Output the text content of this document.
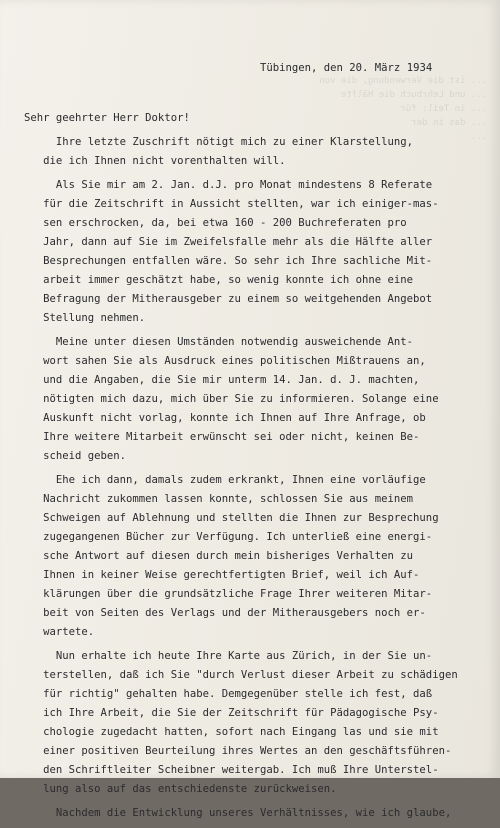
... ist die Verwendung, die von
... und Lehrbuch die Hälfte
... in Teil: für
... das in der
...
Tübingen, den 20. März 1934
Sehr geehrter Herr Doktor!
Ihre letzte Zuschrift nötigt mich zu einer Klarstellung,
die ich Ihnen nicht vorenthalten will.
Als Sie mir am 2. Jan. d.J. pro Monat mindestens 8 Referate
für die Zeitschrift in Aussicht stellten, war ich einiger-mas-
sen erschrocken, da, bei etwa 160 - 200 Buchreferaten pro
Jahr, dann auf Sie im Zweifelsfalle mehr als die Hälfte aller
Besprechungen entfallen wäre. So sehr ich Ihre sachliche Mit-
arbeit immer geschätzt habe, so wenig konnte ich ohne eine
Befragung der Mitherausgeber zu einem so weitgehenden Angebot
Stellung nehmen.
Meine unter diesen Umständen notwendig ausweichende Ant-
wort sahen Sie als Ausdruck eines politischen Mißtrauens an,
und die Angaben, die Sie mir unterm 14. Jan. d. J. machten,
nötigten mich dazu, mich über Sie zu informieren. Solange eine
Auskunft nicht vorlag, konnte ich Ihnen auf Ihre Anfrage, ob
Ihre weitere Mitarbeit erwünscht sei oder nicht, keinen Be-
scheid geben.
Ehe ich dann, damals zudem erkrankt, Ihnen eine vorläufige
Nachricht zukommen lassen konnte, schlossen Sie aus meinem
Schweigen auf Ablehnung und stellten die Ihnen zur Besprechung
zugegangenen Bücher zur Verfügung. Ich unterließ eine energi-
sche Antwort auf diesen durch mein bisheriges Verhalten zu
Ihnen in keiner Weise gerechtfertigten Brief, weil ich Auf-
klärungen über die grundsätzliche Frage Ihrer weiteren Mitar-
beit von Seiten des Verlags und der Mitherausgebers noch er-
wartete.
Nun erhalte ich heute Ihre Karte aus Zürich, in der Sie un-
terstellen, daß ich Sie "durch Verlust dieser Arbeit zu schädigen
für richtig" gehalten habe. Demgegenüber stelle ich fest, daß
ich Ihre Arbeit, die Sie der Zeitschrift für Pädagogische Psy-
chologie zugedacht hatten, sofort nach Eingang las und sie mit
einer positiven Beurteilung ihres Wertes an den geschäftsführen-
den Schriftleiter Scheibner weitergab. Ich muß Ihre Unterstel-
lung also auf das entschiedenste zurückweisen.
Nachdem die Entwicklung unseres Verhältnisses, wie ich glaube,
